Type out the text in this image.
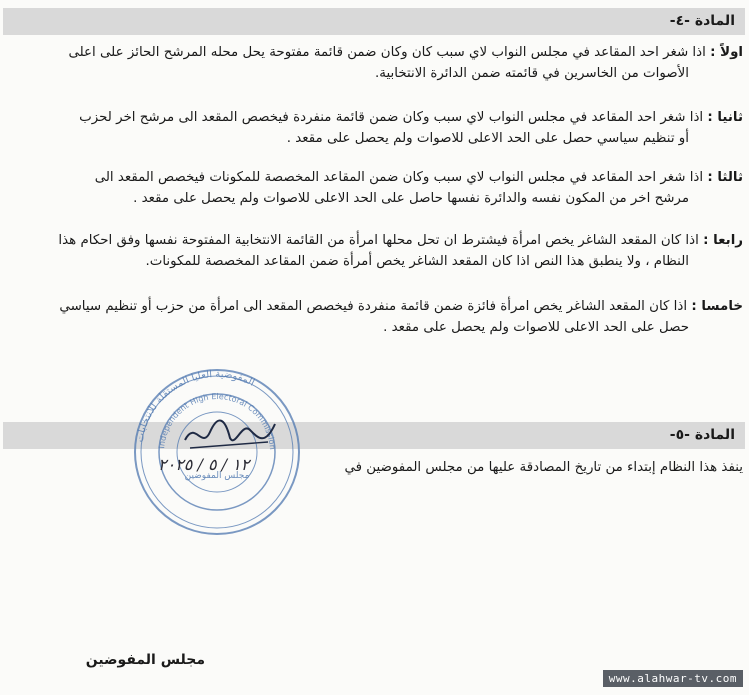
المادة -٤-
اولاً : اذا شغر احد المقاعد في مجلس النواب لاي سبب كان وكان ضمن قائمة مفتوحة يحل محله المرشح الحائز على اعلى
الأصوات من الخاسرين في قائمته ضمن الدائرة الانتخابية.
ثانيا : اذا شغر احد المقاعد في مجلس النواب لاي سبب وكان ضمن قائمة منفردة فيخصص المقعد الى مرشح اخر لحزب
أو تنظيم سياسي حصل على الحد الاعلى للاصوات ولم يحصل على مقعد .
ثالثا : اذا شغر احد المقاعد في مجلس النواب لاي سبب وكان ضمن المقاعد المخصصة للمكونات فيخصص المقعد الى
مرشح اخر من المكون نفسه والدائرة نفسها حاصل على الحد الاعلى للاصوات ولم يحصل على مقعد .
رابعا : اذا كان المقعد الشاغر يخص امرأة فيشترط ان تحل محلها امرأة من القائمة الانتخابية المفتوحة نفسها وفق احكام هذا
النظام ، ولا ينطبق هذا النص اذا كان المقعد الشاغر يخص أمرأة ضمن المقاعد المخصصة للمكونات.
خامسا : اذا كان المقعد الشاغر يخص امرأة فائزة ضمن قائمة منفردة فيخصص المقعد الى امرأة من حزب أو تنظيم سياسي
حصل على الحد الاعلى للاصوات ولم يحصل على مقعد .
المادة -٥-
المفوضية العليا المستقلة للانتخابات
Independent High Electoral Commission
مجلس المفوضين
ينفذ هذا النظام إبتداء من تاريخ المصادقة عليها من مجلس المفوضين في
١٢ / ٥ / ٢٠٢٥
مجلس المفوضين
www.alahwar-tv.com
